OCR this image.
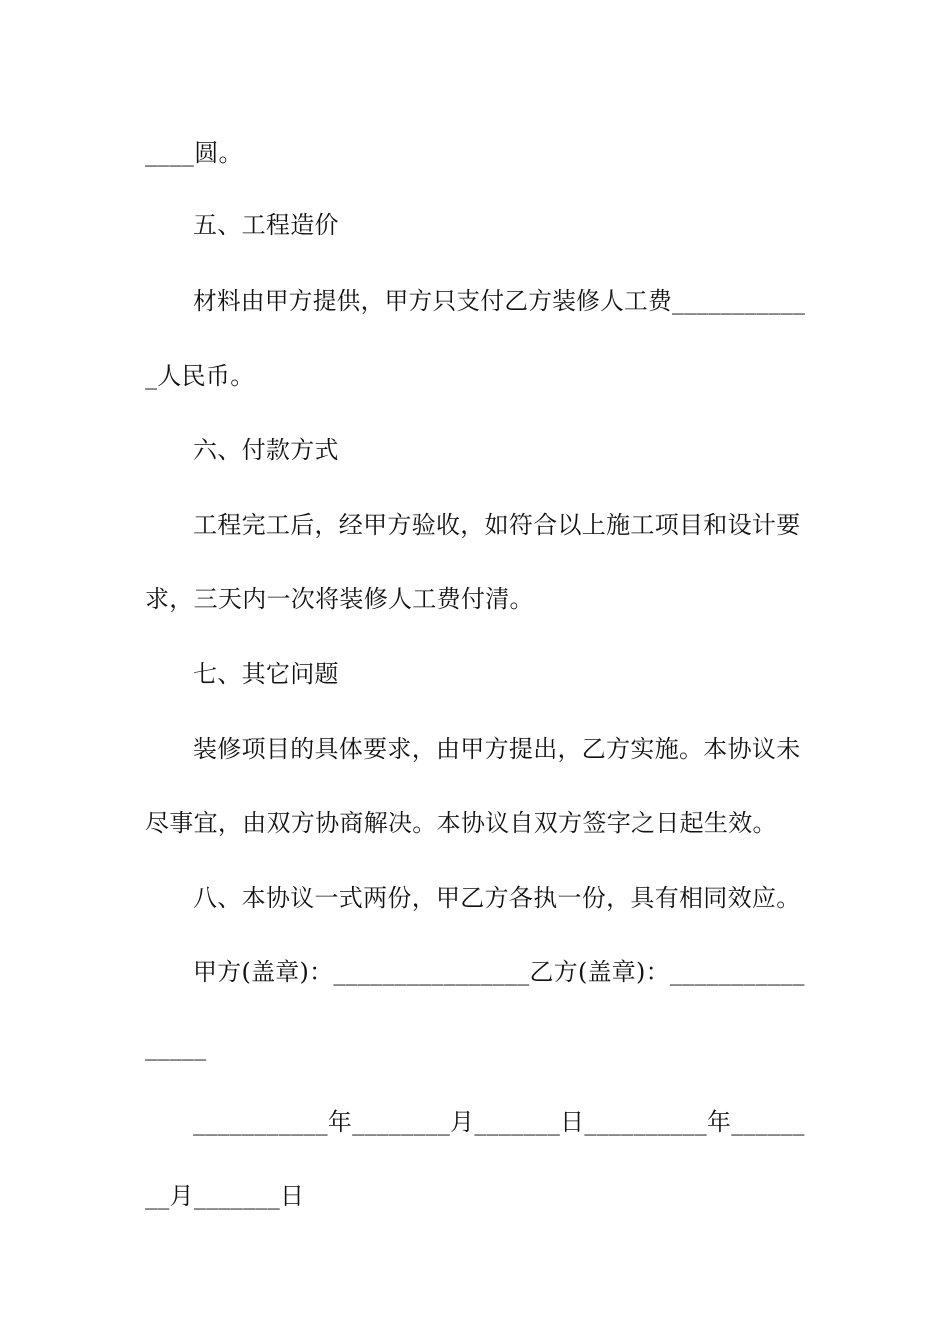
____圆。
五、工程造价
材料由甲方提供，甲方只支付乙方装修人工费___________
_人民币。
六、付款方式
工程完工后，经甲方验收，如符合以上施工项目和设计要
求，三天内一次将装修人工费付清。
七、其它问题
装修项目的具体要求，由甲方提出，乙方实施。本协议未
尽事宜，由双方协商解决。本协议自双方签字之日起生效。
八、本协议一式两份，甲乙方各执一份，具有相同效应。
甲方(盖章)：________________乙方(盖章)：___________
_____
___________年________月_______日__________年______
__月_______日
